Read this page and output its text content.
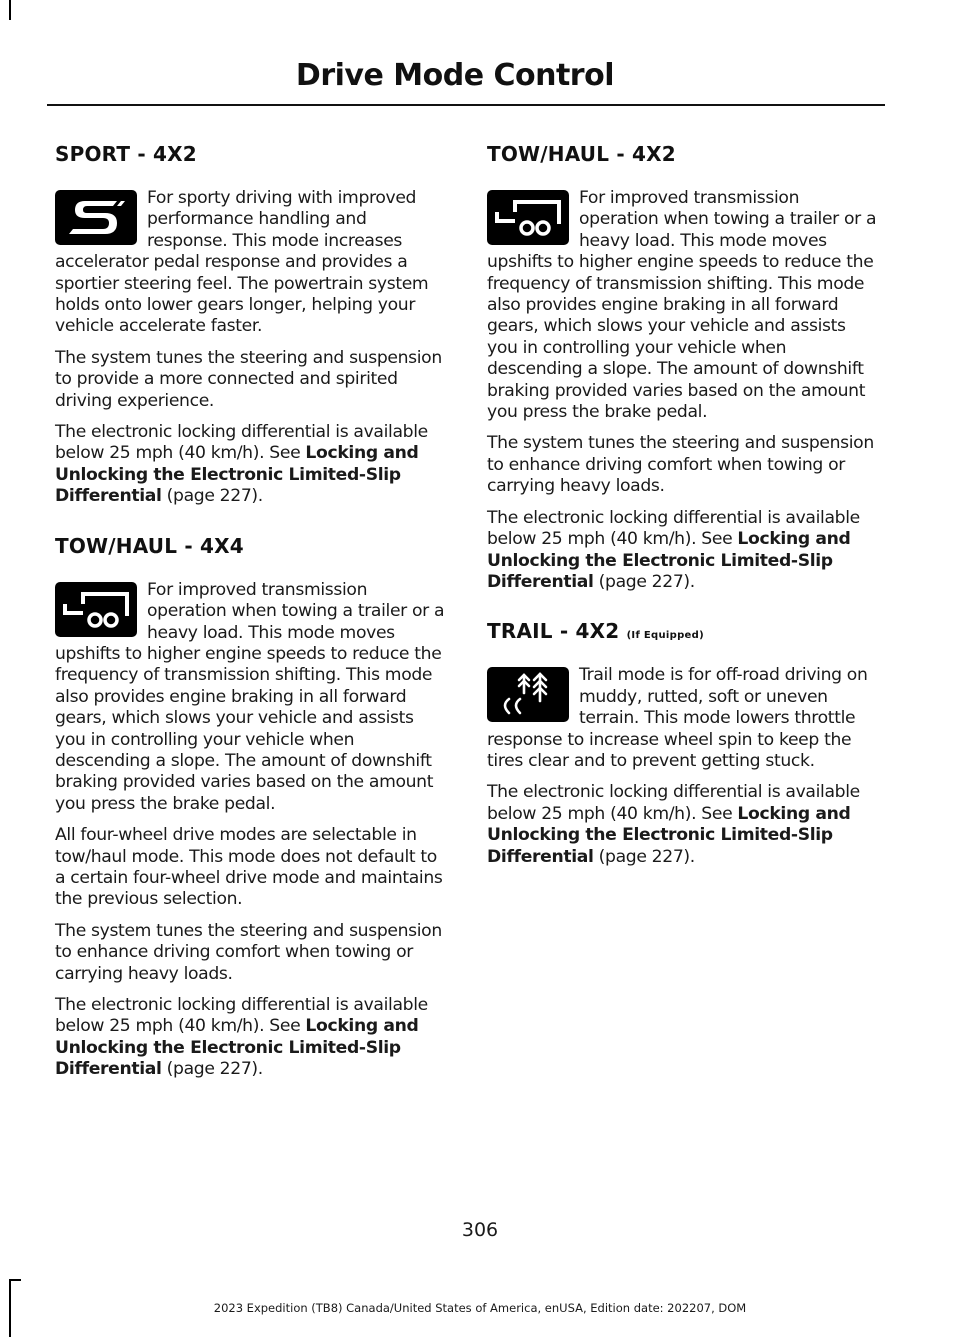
Drive Mode Control
SPORT - 4X2

For sporty driving with improved performance handling and response. This mode increases accelerator pedal response and provides a sportier steering feel. The powertrain system holds onto lower gears longer, helping your vehicle accelerate faster.

The system tunes the steering and suspension to provide a more connected and spirited driving experience.

The electronic locking differential is available below 25 mph (40 km/h). See Locking and Unlocking the Electronic Limited-Slip Differential (page 227).

TOW/HAUL - 4X4

For improved transmission operation when towing a trailer or a heavy load. This mode moves upshifts to higher engine speeds to reduce the frequency of transmission shifting. This mode also provides engine braking in all forward gears, which slows your vehicle and assists you in controlling your vehicle when descending a slope. The amount of downshift braking provided varies based on the amount you press the brake pedal.

All four-wheel drive modes are selectable in tow/haul mode. This mode does not default to a certain four-wheel drive mode and maintains the previous selection.

The system tunes the steering and suspension to enhance driving comfort when towing or carrying heavy loads.

The electronic locking differential is available below 25 mph (40 km/h). See Locking and Unlocking the Electronic Limited-Slip Differential (page 227).

TOW/HAUL - 4X2

For improved transmission operation when towing a trailer or a heavy load. This mode moves upshifts to higher engine speeds to reduce the frequency of transmission shifting. This mode also provides engine braking in all forward gears, which slows your vehicle and assists you in controlling your vehicle when descending a slope. The amount of downshift braking provided varies based on the amount you press the brake pedal.

The system tunes the steering and suspension to enhance driving comfort when towing or carrying heavy loads.

The electronic locking differential is available below 25 mph (40 km/h). See Locking and Unlocking the Electronic Limited-Slip Differential (page 227).

TRAIL - 4X2 (If Equipped)

Trail mode is for off-road driving on muddy, rutted, soft or uneven terrain. This mode lowers throttle response to increase wheel spin to keep the tires clear and to prevent getting stuck.

The electronic locking differential is available below 25 mph (40 km/h). See Locking and Unlocking the Electronic Limited-Slip Differential (page 227).

306
2023 Expedition (TB8) Canada/United States of America, enUSA, Edition date: 202207, DOM
